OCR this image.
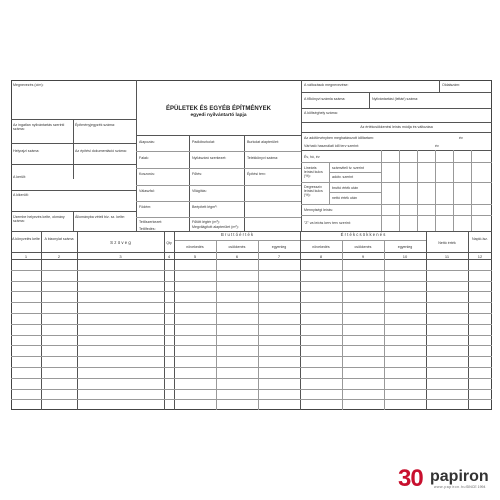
ÉPÜLETEK ÉS EGYÉB ÉPÍTMÉNYEK
egyedi nyilvántartó lapja
Megnevezés (cím):
Az ingatlan nyilvántartás szerinti száma:
Építményjegyzék száma:
Helyrajzi száma:	Az építési dokumentáció száma:
A került:
A kikerült:
Üzembe helyezés kelte, okmány száma:
Állományba vételi biz. sz. kelte:
Alapozás:	Padlóburkolat:	Burkolat alapterület:
Falak:	Nyílászáró szerkezet:	Telekkönyvi száma:
Koszorús:	Fűtés:	Építési terv:
Válaszfal:	Világítás:
Födém:	Beépített légm³:
Tetőszerkezet:	Fűtött légtér (m³):
Tetőfedés:	Megvilágított alapterület (m²):
A változások megnevezése:	Oldalszám:
A főkönyvi számla száma:	Nyilvántartási (leltári) száma:
A költséghely száma:
Az értékcsökkenési leírás módja és változása
Az adótörvényben meghatározott időtartam:	év
Várható használati idő terv szerint:	év
Év, hó, év
Lineáris leírási kulcs (%):
számviteli tv. szerint
adótv. szerint
Degresszív leírási kulcs (%):
bruttó érték után
nettó érték után
Mennyiségi leírás:
"Z" va leírás kerv terv szerint:
A könyvelés kelte	A bizonylat száma
S z ö v e g	Qty
B r u t t ó é r t é k
növekedés	csökkenés	egyenleg
É r t é k c s ö k k e n é s
növekedés	csökkenés	egyenleg
Nettó érték
Napló-lsz.
1	2	3	4	5	6	7	8	9	10	11	12
30 papiron
www.papiron.hu SINCE 1994
